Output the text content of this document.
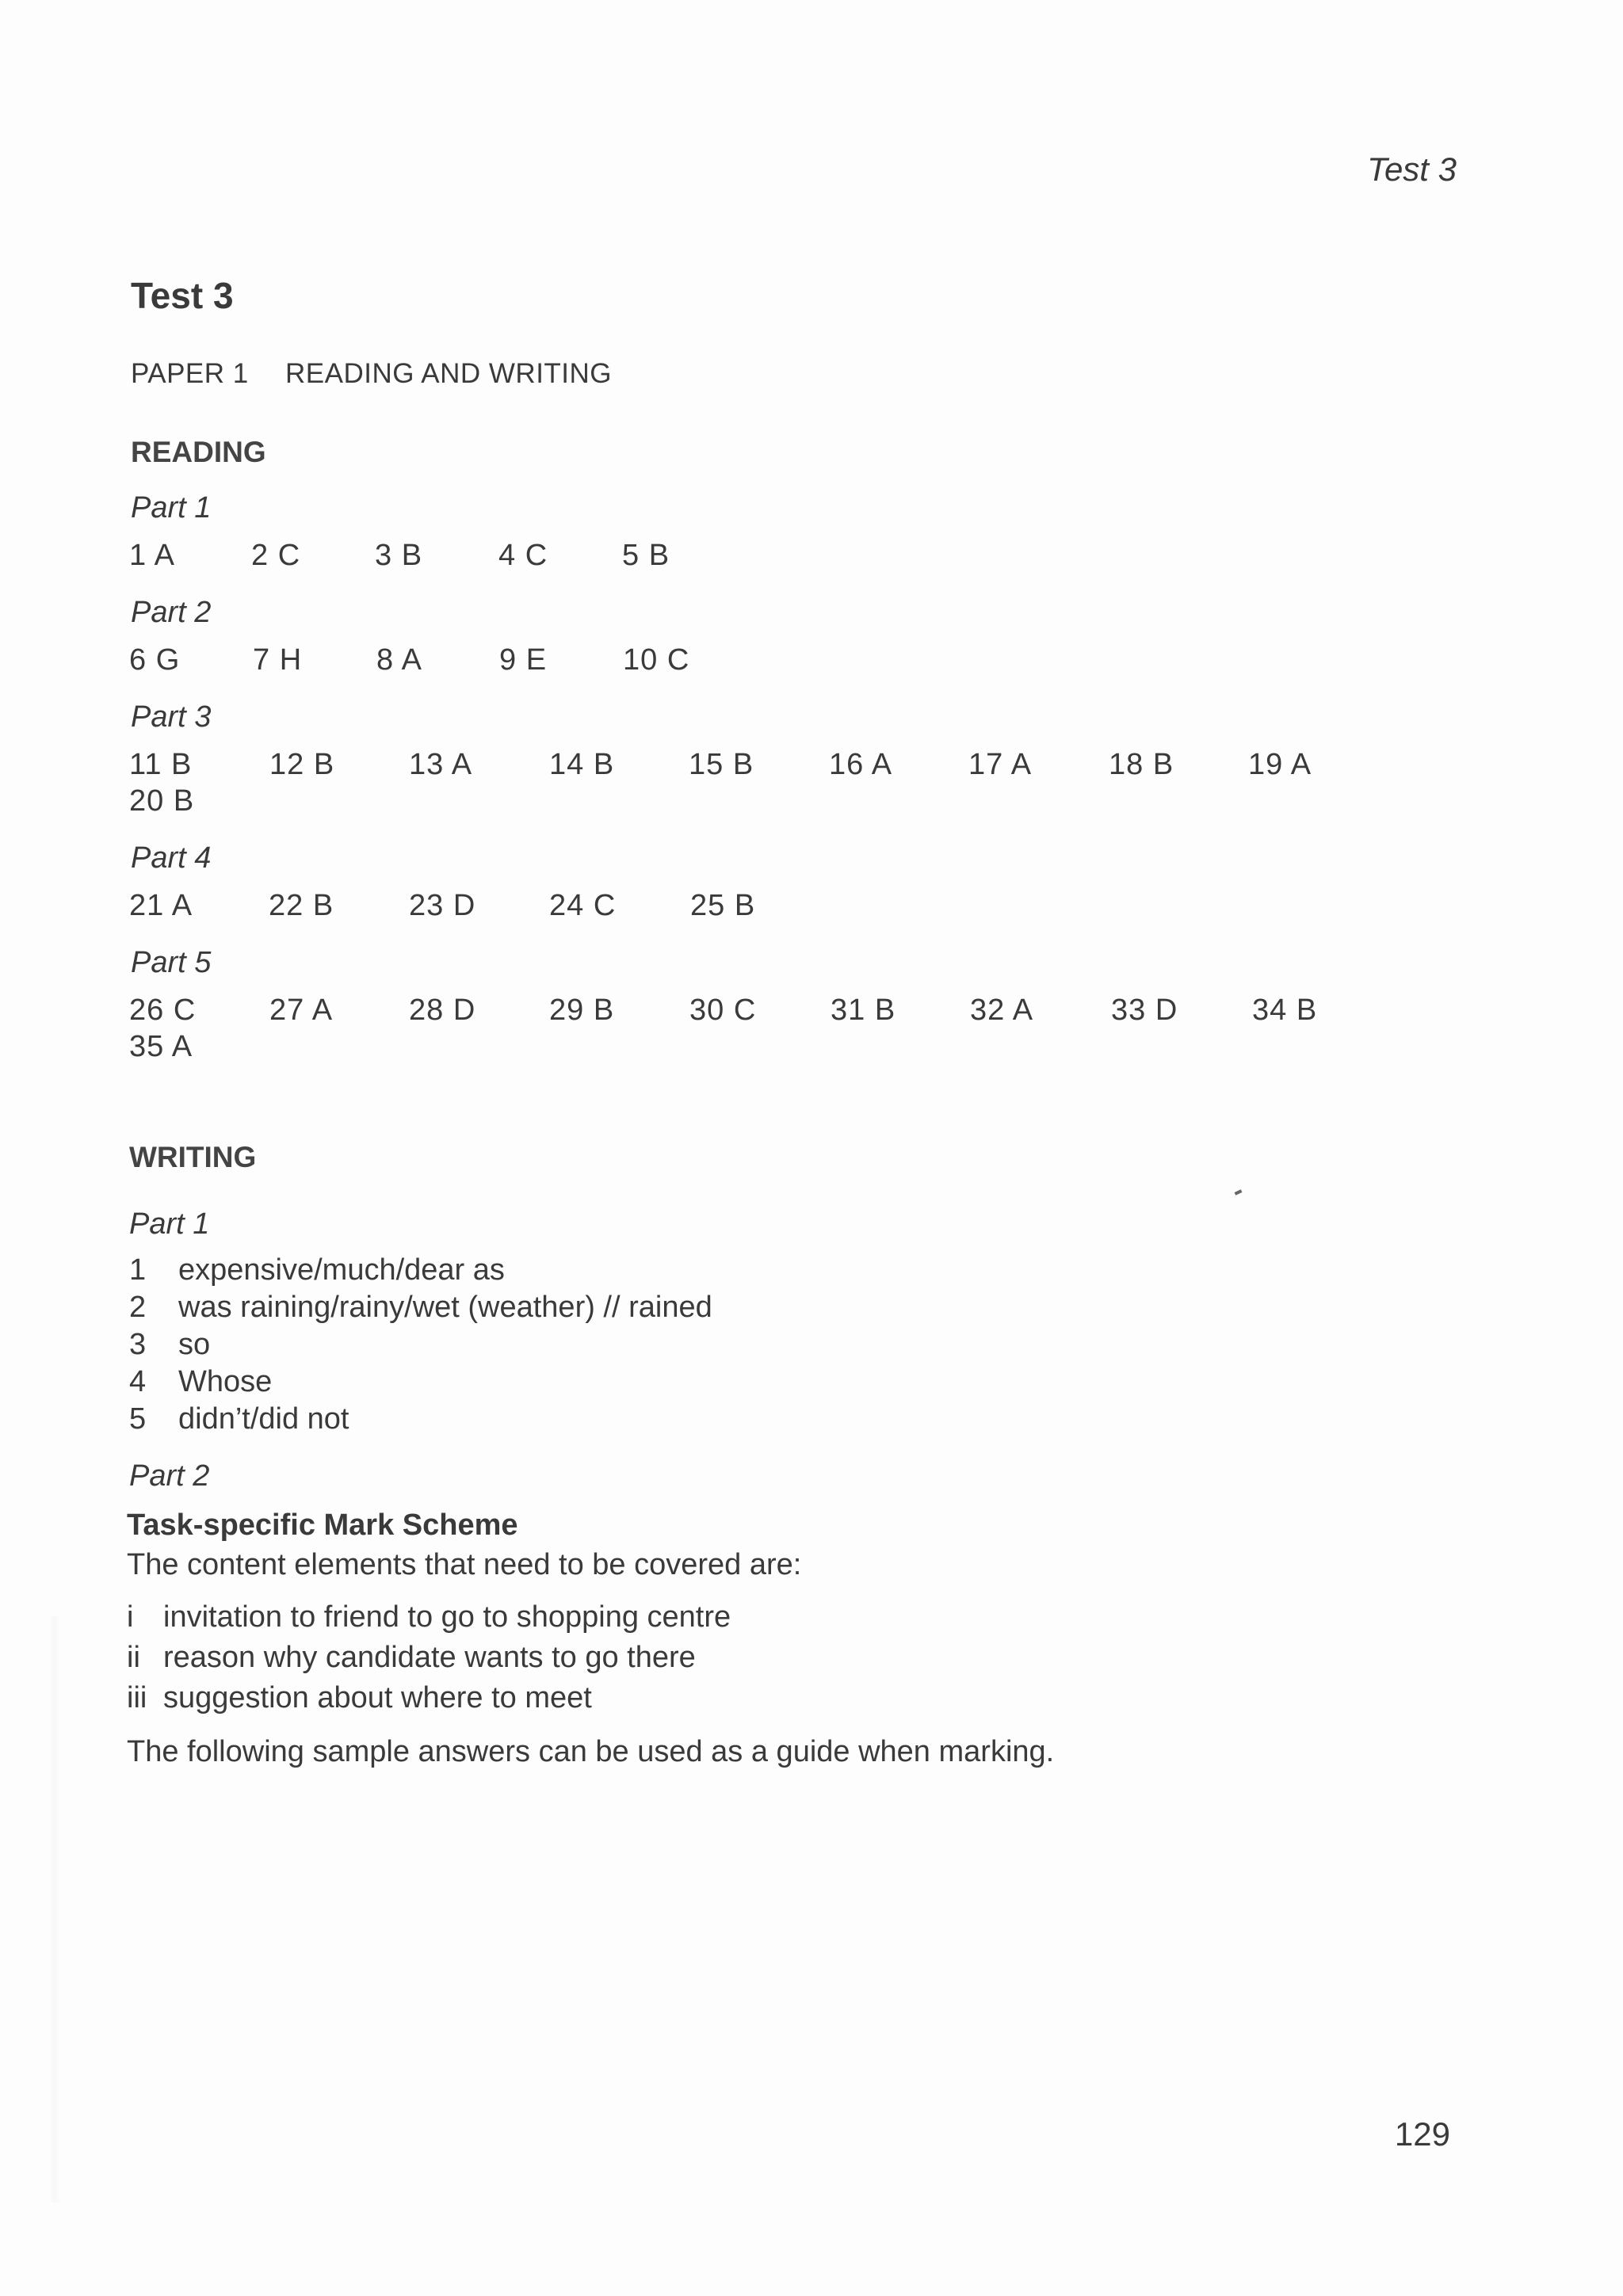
Test 3
Test 3
PAPER 1 READING AND WRITING
READING
Part 1
1 A	2 C	3 B	4 C	5 B
Part 2
6 G	7 H	8 A	9 E	10 C
Part 3
11 B	12 B	13 A	14 B	15 B	16 A	17 A	18 B	19 A
20 B
Part 4
21 A	22 B	23 D	24 C	25 B
Part 5
26 C	27 A	28 D	29 B	30 C	31 B	32 A	33 D	34 B
35 A
WRITING
Part 1
1 expensive/much/dear as
2 was raining/rainy/wet (weather) // rained
3 so
4 Whose
5 didn’t/did not
Part 2
Task-specific Mark Scheme
The content elements that need to be covered are:
i invitation to friend to go to shopping centre
ii reason why candidate wants to go there
iii suggestion about where to meet
The following sample answers can be used as a guide when marking.
129
